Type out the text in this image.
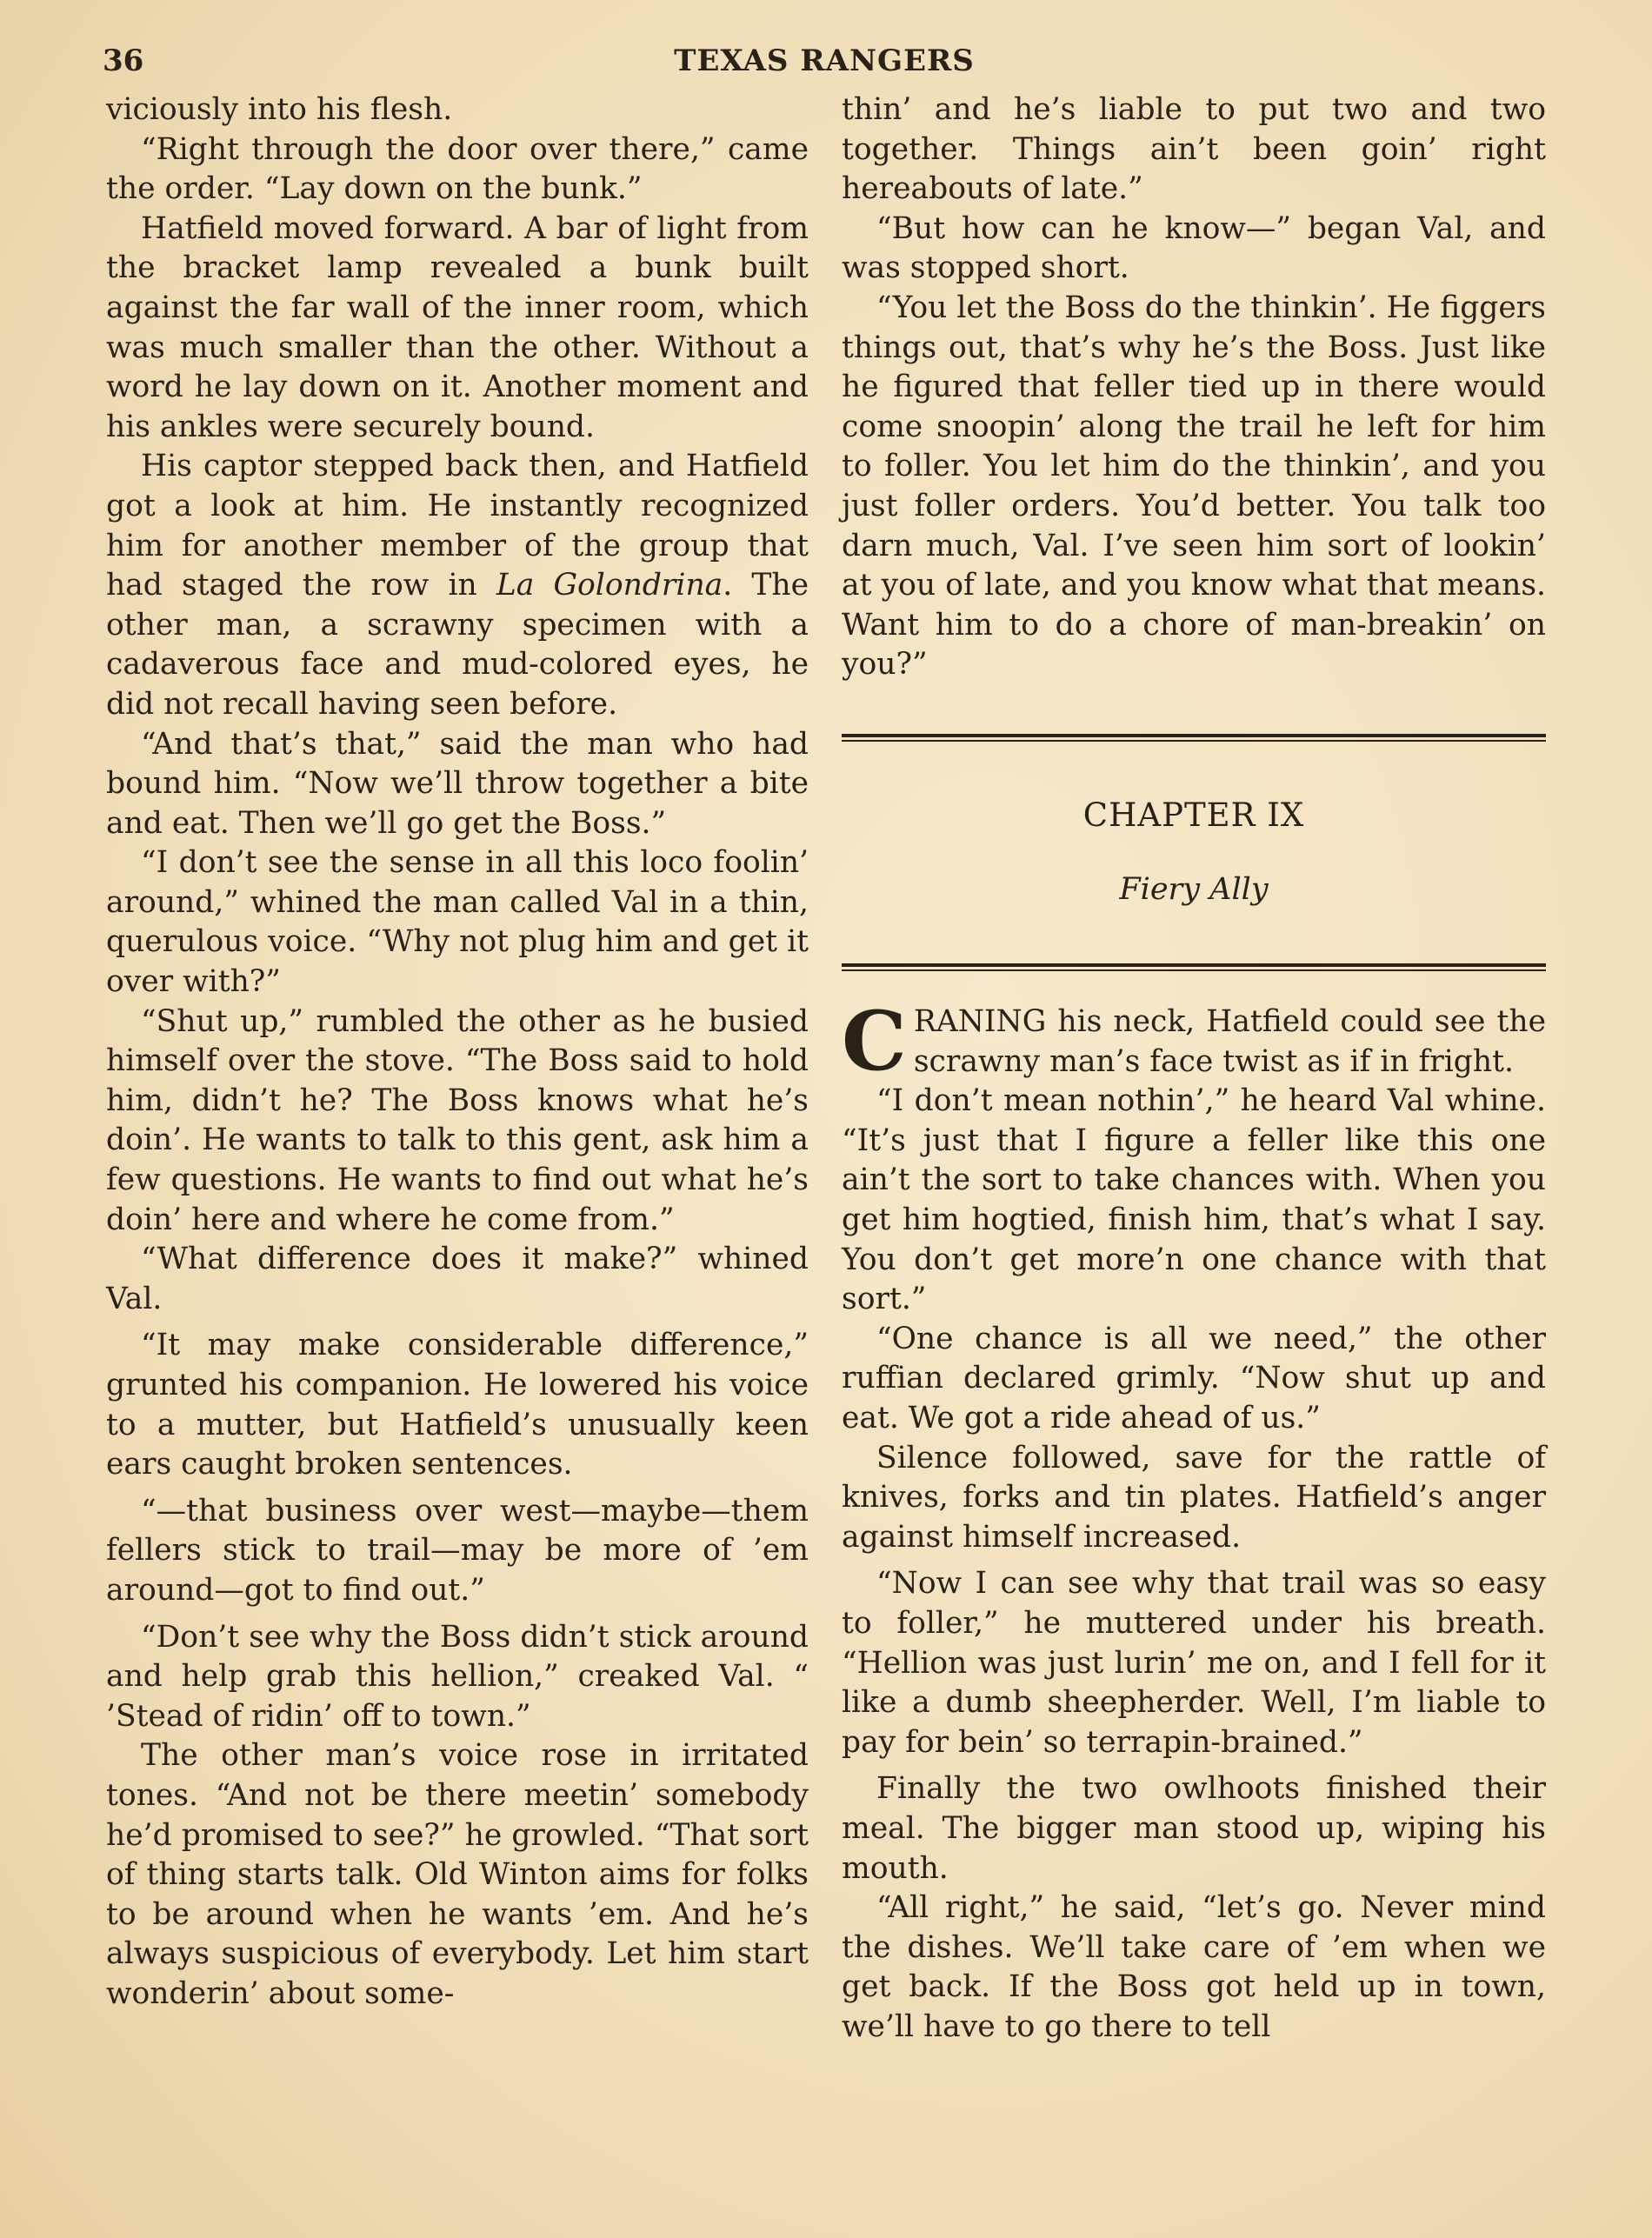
36	TEXAS RANGERS

viciously into his flesh.

“Right through the door over there,” came the order. “Lay down on the bunk.”

Hatfield moved forward. A bar of light from the bracket lamp revealed a bunk built against the far wall of the inner room, which was much smaller than the other. Without a word he lay down on it. Another moment and his ankles were securely bound.

His captor stepped back then, and Hatfield got a look at him. He instantly recognized him for another member of the group that had staged the row in La Golondrina. The other man, a scrawny specimen with a cadaverous face and mud-colored eyes, he did not recall having seen before.

“And that’s that,” said the man who had bound him. “Now we’ll throw together a bite and eat. Then we’ll go get the Boss.”

“I don’t see the sense in all this loco foolin’ around,” whined the man called Val in a thin, querulous voice. “Why not plug him and get it over with?”

“Shut up,” rumbled the other as he busied himself over the stove. “The Boss said to hold him, didn’t he? The Boss knows what he’s doin’. He wants to talk to this gent, ask him a few questions. He wants to find out what he’s doin’ here and where he come from.”

“What difference does it make?” whined Val.

“It may make considerable difference,” grunted his companion. He lowered his voice to a mutter, but Hatfield’s unusually keen ears caught broken sentences.

“—that business over west—maybe—them fellers stick to trail—may be more of ’em around—got to find out.”

“Don’t see why the Boss didn’t stick around and help grab this hellion,” creaked Val. “ ’Stead of ridin’ off to town.”

The other man’s voice rose in irritated tones. “And not be there meetin’ somebody he’d promised to see?” he growled. “That sort of thing starts talk. Old Winton aims for folks to be around when he wants ’em. And he’s always suspicious of everybody. Let him start wonderin’ about some-

thin’ and he’s liable to put two and two together. Things ain’t been goin’ right hereabouts of late.”

“But how can he know—” began Val, and was stopped short.

“You let the Boss do the thinkin’. He figgers things out, that’s why he’s the Boss. Just like he figured that feller tied up in there would come snoopin’ along the trail he left for him to foller. You let him do the thinkin’, and you just foller orders. You’d better. You talk too darn much, Val. I’ve seen him sort of lookin’ at you of late, and you know what that means. Want him to do a chore of man-breakin’ on you?”

CHAPTER IX
Fiery Ally

CRANING his neck, Hatfield could see the scrawny man’s face twist as if in fright.

“I don’t mean nothin’,” he heard Val whine. “It’s just that I figure a feller like this one ain’t the sort to take chances with. When you get him hogtied, finish him, that’s what I say. You don’t get more’n one chance with that sort.”

“One chance is all we need,” the other ruffian declared grimly. “Now shut up and eat. We got a ride ahead of us.”

Silence followed, save for the rattle of knives, forks and tin plates. Hatfield’s anger against himself increased.

“Now I can see why that trail was so easy to foller,” he muttered under his breath. “Hellion was just lurin’ me on, and I fell for it like a dumb sheepherder. Well, I’m liable to pay for bein’ so terrapin-brained.”

Finally the two owlhoots finished their meal. The bigger man stood up, wiping his mouth.

“All right,” he said, “let’s go. Never mind the dishes. We’ll take care of ’em when we get back. If the Boss got held up in town, we’ll have to go there to tell
